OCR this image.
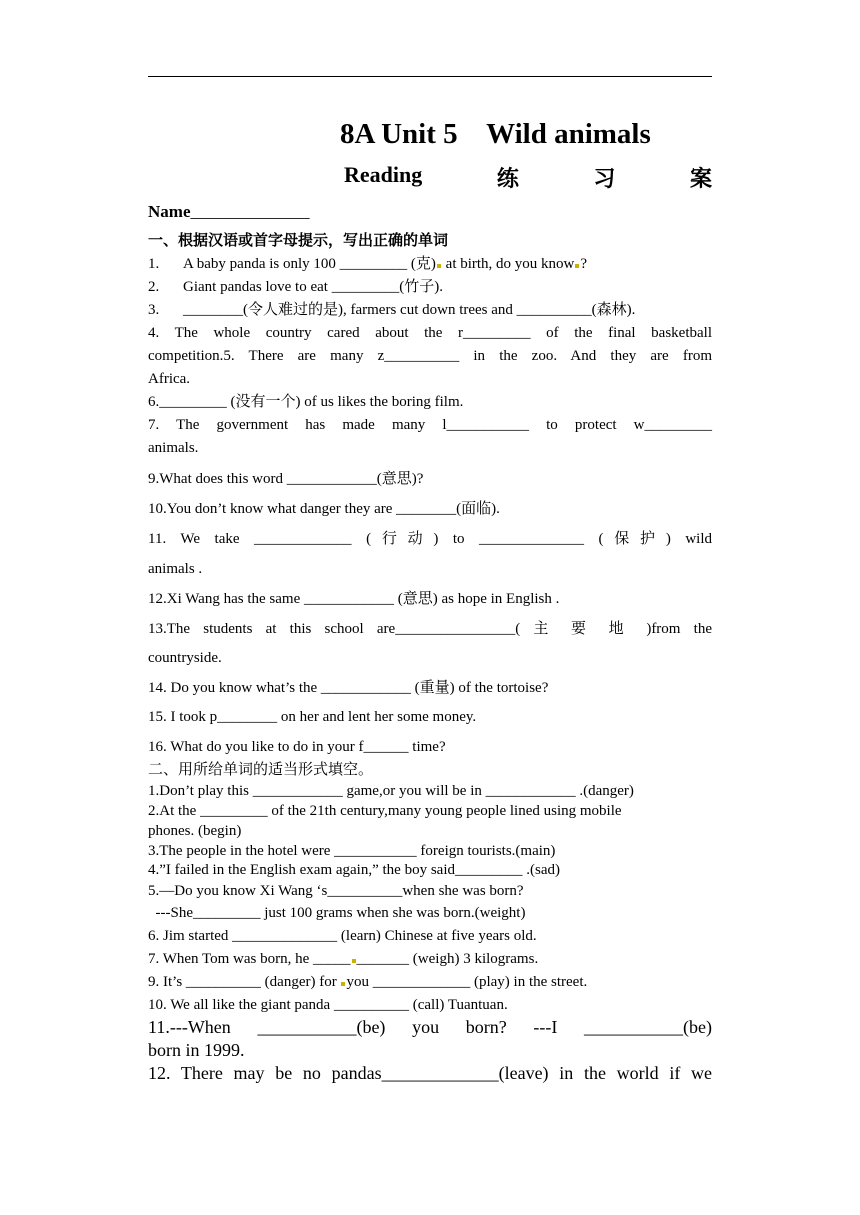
8A Unit 5    Wild animals
Reading	练	习	案
Name______________
一、根据汉语或首字母提示，写出正确的单词
1. A baby panda is only 100 _________ (克) at birth, do you know ?
2. Giant pandas love to eat _________(竹子).
3. ________(令人难过的是), farmers cut down trees and __________(森林).
4. The whole country cared about the r_________ of the final basketball
competition.5. There are many z__________ in the zoo. And they are from
Africa.
6._________ (没有一个) of us likes the boring film.
7. The government has made many l___________ to protect w_________
animals.
9.What does this word ____________(意思)?
10.You don’t know what danger they are ________(面临).
11. We take _____________ (行动) to ______________ (保护) wild
animals .
12.Xi Wang has the same ____________ (意思) as hope in English .
13.The students at this school are________________( 主 要 地 )from the
countryside.
14. Do you know what’s the ____________ (重量) of the tortoise?
15. I took p________ on her and lent her some money.
16. What do you like to do in your f______ time?
二、用所给单词的适当形式填空。
1.Don’t play this ____________ game,or you will be in ____________ .(danger)
2.At the _________ of the 21th century,many young people lined using mobile
phones. (begin)
3.The people in the hotel were ___________ foreign tourists.(main)
4.”I failed in the English exam again,” the boy said_________ .(sad)
5.—Do you know Xi Wang ‘s__________when she was born?
---She_________ just 100 grams when she was born.(weight)
6. Jim started ______________ (learn) Chinese at five years old.
7. When Tom was born, he _____ _______ (weigh) 3 kilograms.
9. It’s __________ (danger) for you _____________ (play) in the street.
10. We all like the giant panda __________ (call) Tuantuan.
11.---When ___________(be) you born? ---I ___________(be)
born in 1999.
12. There may be no pandas_____________(leave) in the world if we
